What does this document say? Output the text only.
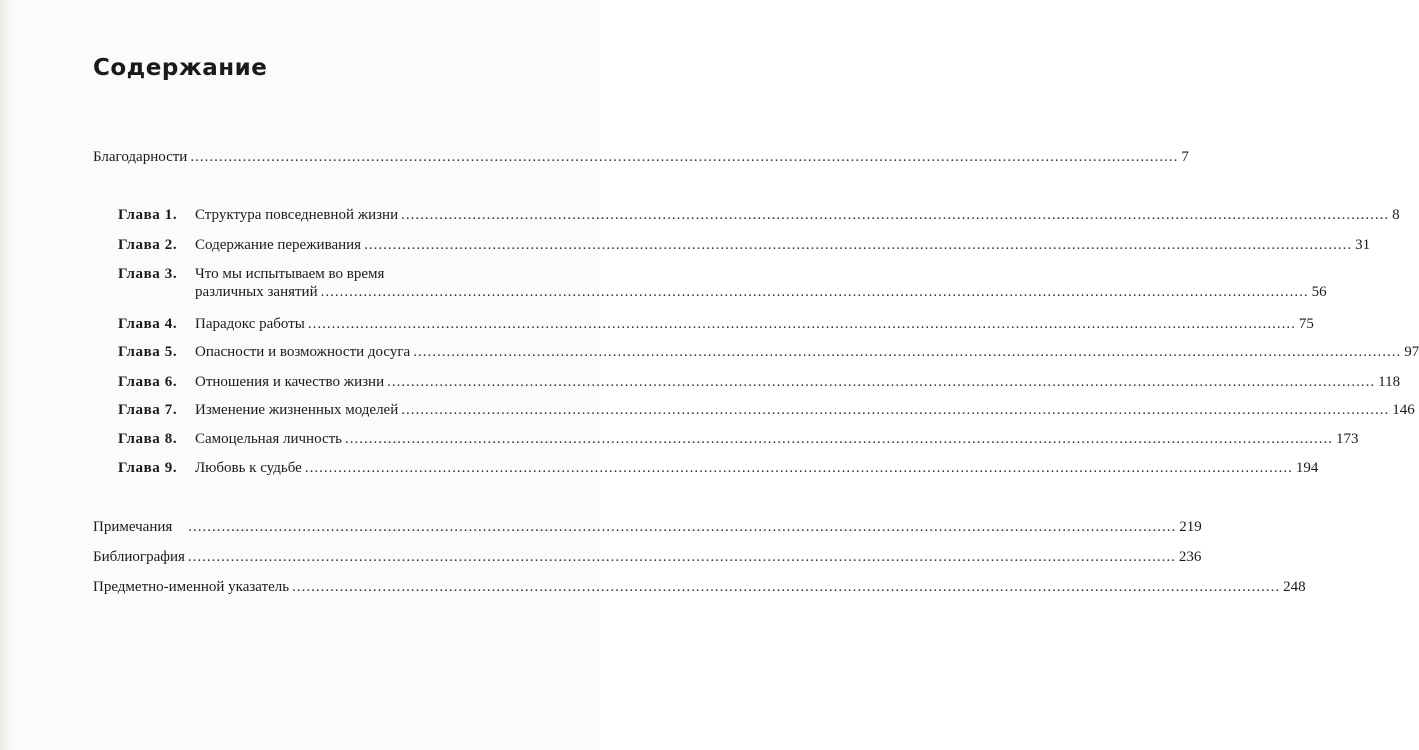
Содержание
Благодарности .....	7
Глава 1.	Структура повседневной жизни .....	8
Глава 2.	Содержание переживания .....	31
Глава 3.	Что мы испытываем во время
различных занятий .....	56
Глава 4.	Парадокс работы .....	75
Глава 5.	Опасности и возможности досуга .....	97
Глава 6.	Отношения и качество жизни .....	118
Глава 7.	Изменение жизненных моделей .....	146
Глава 8.	Самоцельная личность .....	173
Глава 9.	Любовь к судьбе .....	194
Примечания .....	219
Библиография .....	236
Предметно-именной указатель .....	248
